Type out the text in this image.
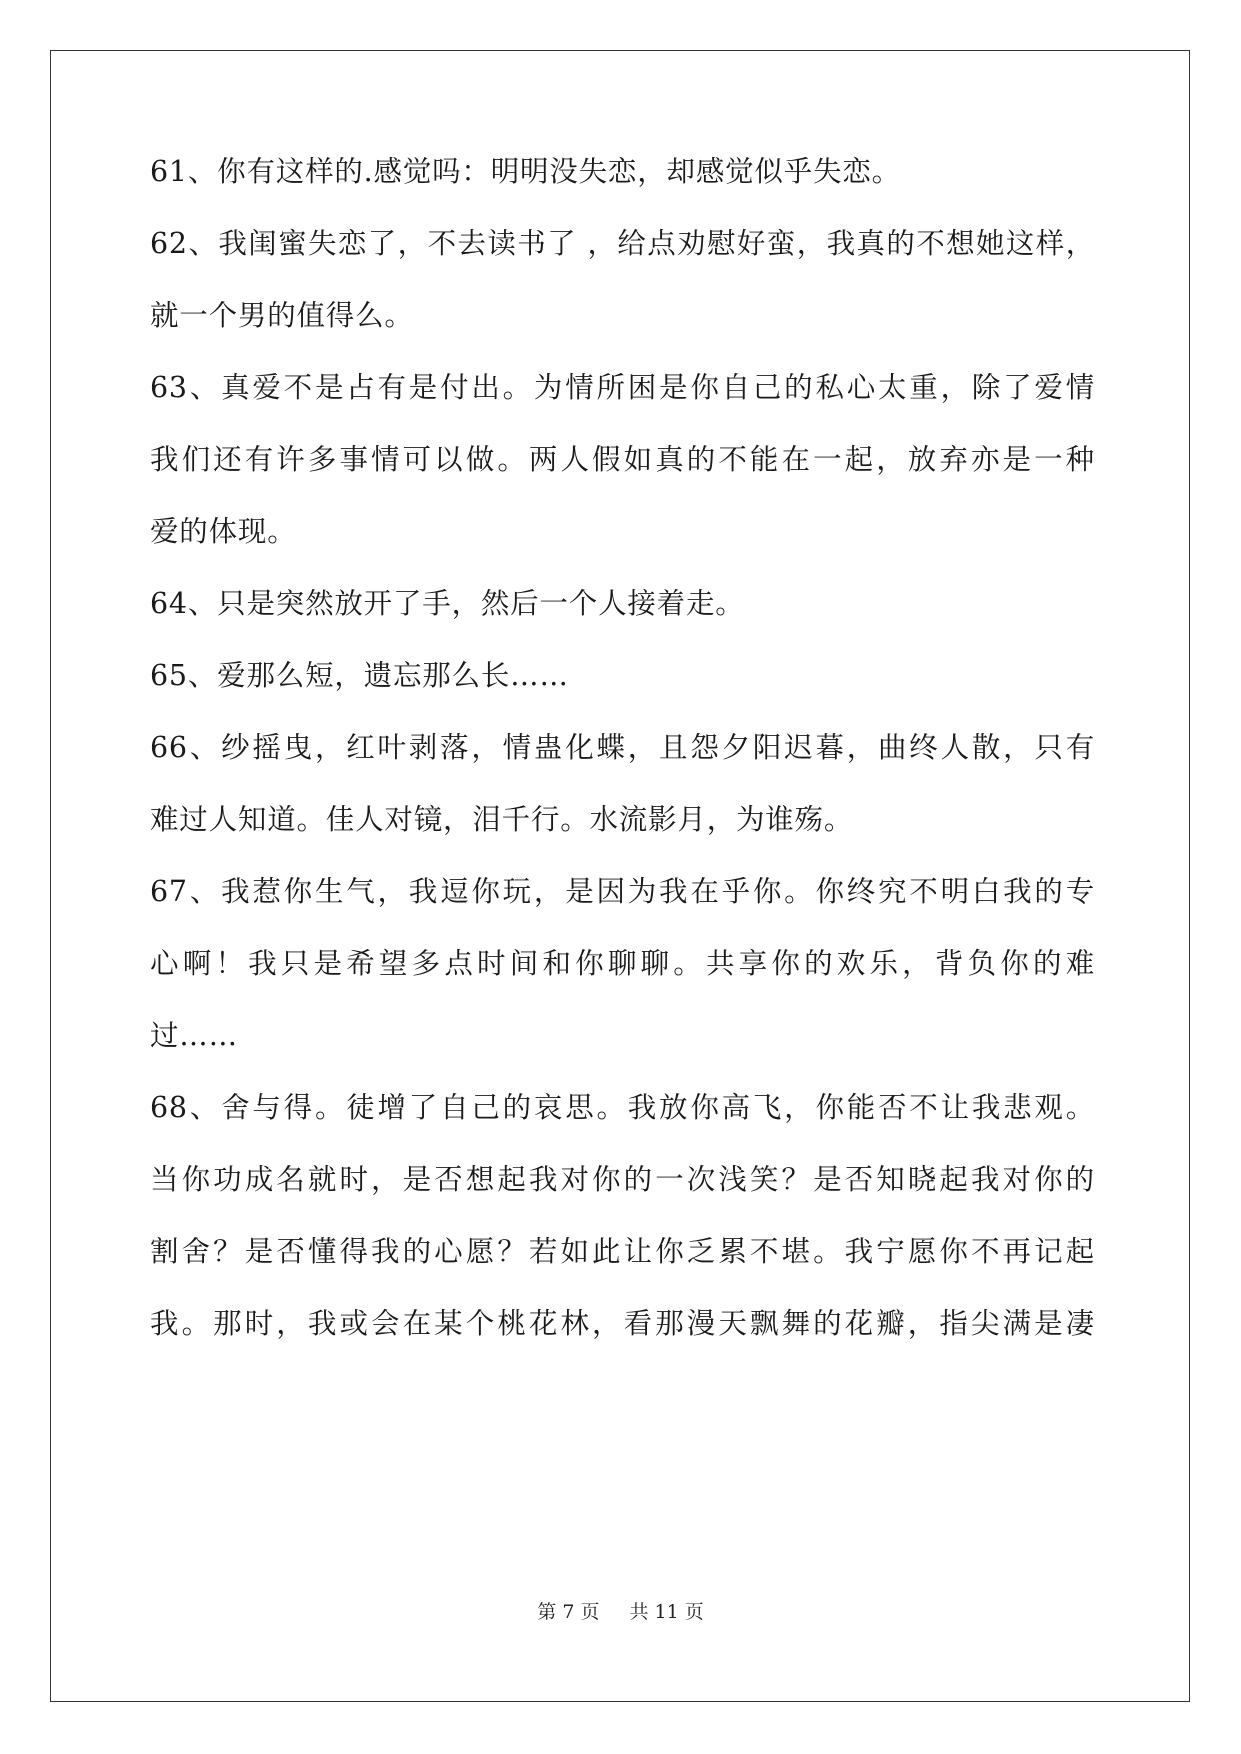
61、你有这样的.感觉吗：明明没失恋，却感觉似乎失恋。
62、我闺蜜失恋了，不去读书了 ，给点劝慰好蛮，我真的不想她这样，
就一个男的值得么。
63、真爱不是占有是付出。为情所困是你自己的私心太重，除了爱情
我们还有许多事情可以做。两人假如真的不能在一起，放弃亦是一种
爱的体现。
64、只是突然放开了手，然后一个人接着走。
65、爱那么短，遗忘那么长……
66、纱摇曳，红叶剥落，情蛊化蝶，且怨夕阳迟暮，曲终人散，只有
难过人知道。佳人对镜，泪千行。水流影月，为谁殇。
67、我惹你生气，我逗你玩，是因为我在乎你。你终究不明白我的专
心啊！我只是希望多点时间和你聊聊。共享你的欢乐，背负你的难
过……
68、舍与得。徒增了自己的哀思。我放你高飞，你能否不让我悲观。
当你功成名就时，是否想起我对你的一次浅笑？是否知晓起我对你的
割舍？是否懂得我的心愿？若如此让你乏累不堪。我宁愿你不再记起
我。那时，我或会在某个桃花林，看那漫天飘舞的花瓣，指尖满是凄
第 7 页 共 11 页
